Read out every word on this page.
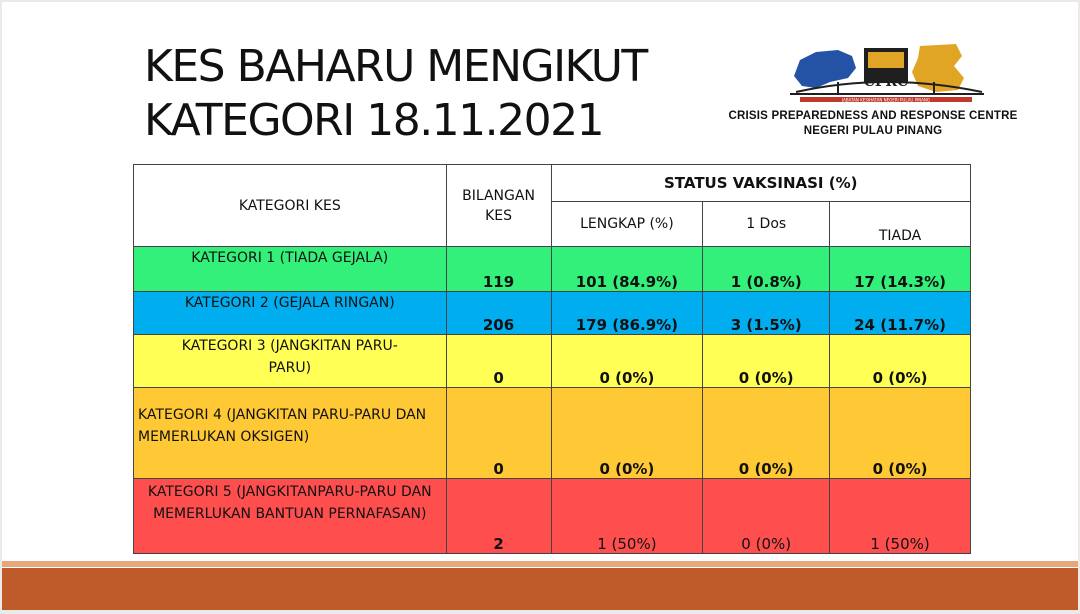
KES BAHARU MENGIKUT
KATEGORI 18.11.2021
CPRC
JABATAN KESIHATAN NEGERI PULAU PINANG
CRISIS PREPAREDNESS AND RESPONSE CENTRE
NEGERI PULAU PINANG
KATEGORI KES	BILANGAN KES	STATUS VAKSINASI (%)		
		LENGKAP (%)	1 Dos	TIADA
KATEGORI 1 (TIADA GEJALA)	119	101 (84.9%)	1 (0.8%)	17 (14.3%)
KATEGORI 2 (GEJALA RINGAN)	206	179 (86.9%)	3 (1.5%)	24 (11.7%)
KATEGORI 3 (JANGKITAN PARU-PARU)	0	0 (0%)	0 (0%)	0 (0%)
KATEGORI 4 (JANGKITAN PARU-PARU DAN MEMERLUKAN OKSIGEN)	0	0 (0%)	0 (0%)	0 (0%)
KATEGORI 5 (JANGKITANPARU-PARU DAN MEMERLUKAN BANTUAN PERNAFASAN)	2	1 (50%)	0 (0%)	1 (50%)
